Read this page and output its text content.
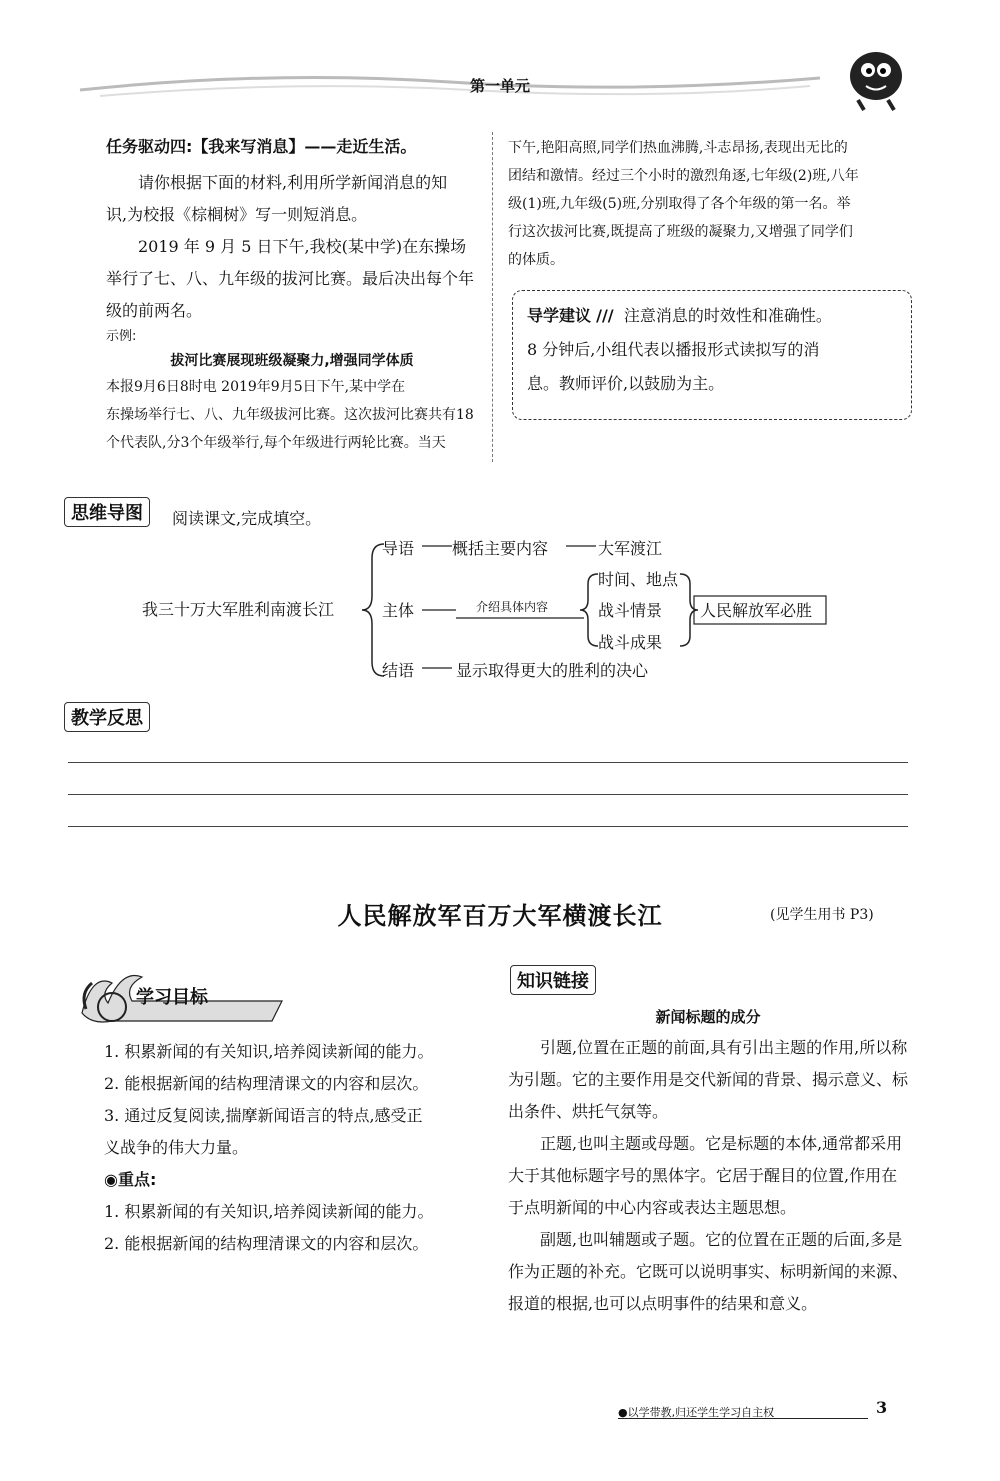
第一单元
任务驱动四:【我来写消息】——走近生活。

请你根据下面的材料,利用所学新闻消息的知

识,为校报《棕榈树》写一则短消息。

2019 年 9 月 5 日下午,我校(某中学)在东操场

举行了七、八、九年级的拔河比赛。最后决出每个年

级的前两名。

示例:
拔河比赛展现班级凝聚力,增强同学体质

本报9月6日8时电 2019年9月5日下午,某中学在

东操场举行七、八、九年级拔河比赛。这次拔河比赛共有18

个代表队,分3个年级举行,每个年级进行两轮比赛。当天

下午,艳阳高照,同学们热血沸腾,斗志昂扬,表现出无比的

团结和激情。经过三个小时的激烈角逐,七年级(2)班,八年

级(1)班,九年级(5)班,分别取得了各个年级的第一名。举

行这次拔河比赛,既提高了班级的凝聚力,又增强了同学们

的体质。

导学建议 /// 注意消息的时效性和准确性。

8 分钟后,小组代表以播报形式读拟写的消

息。教师评价,以鼓励为主。

思维导图	阅读课文,完成填空。
我三十万大军胜利南渡长江
导语 概括主要内容	大军渡江
主体	介绍具体内容
时间、地点
战斗情景
战斗成果
人民解放军必胜
结语	显示取得更大的胜利的决心
教学反思
人民解放军百万大军横渡长江	(见学生用书 P3)
学习目标

1. 积累新闻的有关知识,培养阅读新闻的能力。

2. 能根据新闻的结构理清课文的内容和层次。

3. 通过反复阅读,揣摩新闻语言的特点,感受正

义战争的伟大力量。

◉重点:

1. 积累新闻的有关知识,培养阅读新闻的能力。

2. 能根据新闻的结构理清课文的内容和层次。

知识链接
新闻标题的成分

引题,位置在正题的前面,具有引出主题的作用,所以称为引题。它的主要作用是交代新闻的背景、揭示意义、标出条件、烘托气氛等。

正题,也叫主题或母题。它是标题的本体,通常都采用大于其他标题字号的黑体字。它居于醒目的位置,作用在于点明新闻的中心内容或表达主题思想。

副题,也叫辅题或子题。它的位置在正题的后面,多是作为正题的补充。它既可以说明事实、标明新闻的来源、报道的根据,也可以点明事件的结果和意义。

●以学带教,归还学生学习自主权	3
